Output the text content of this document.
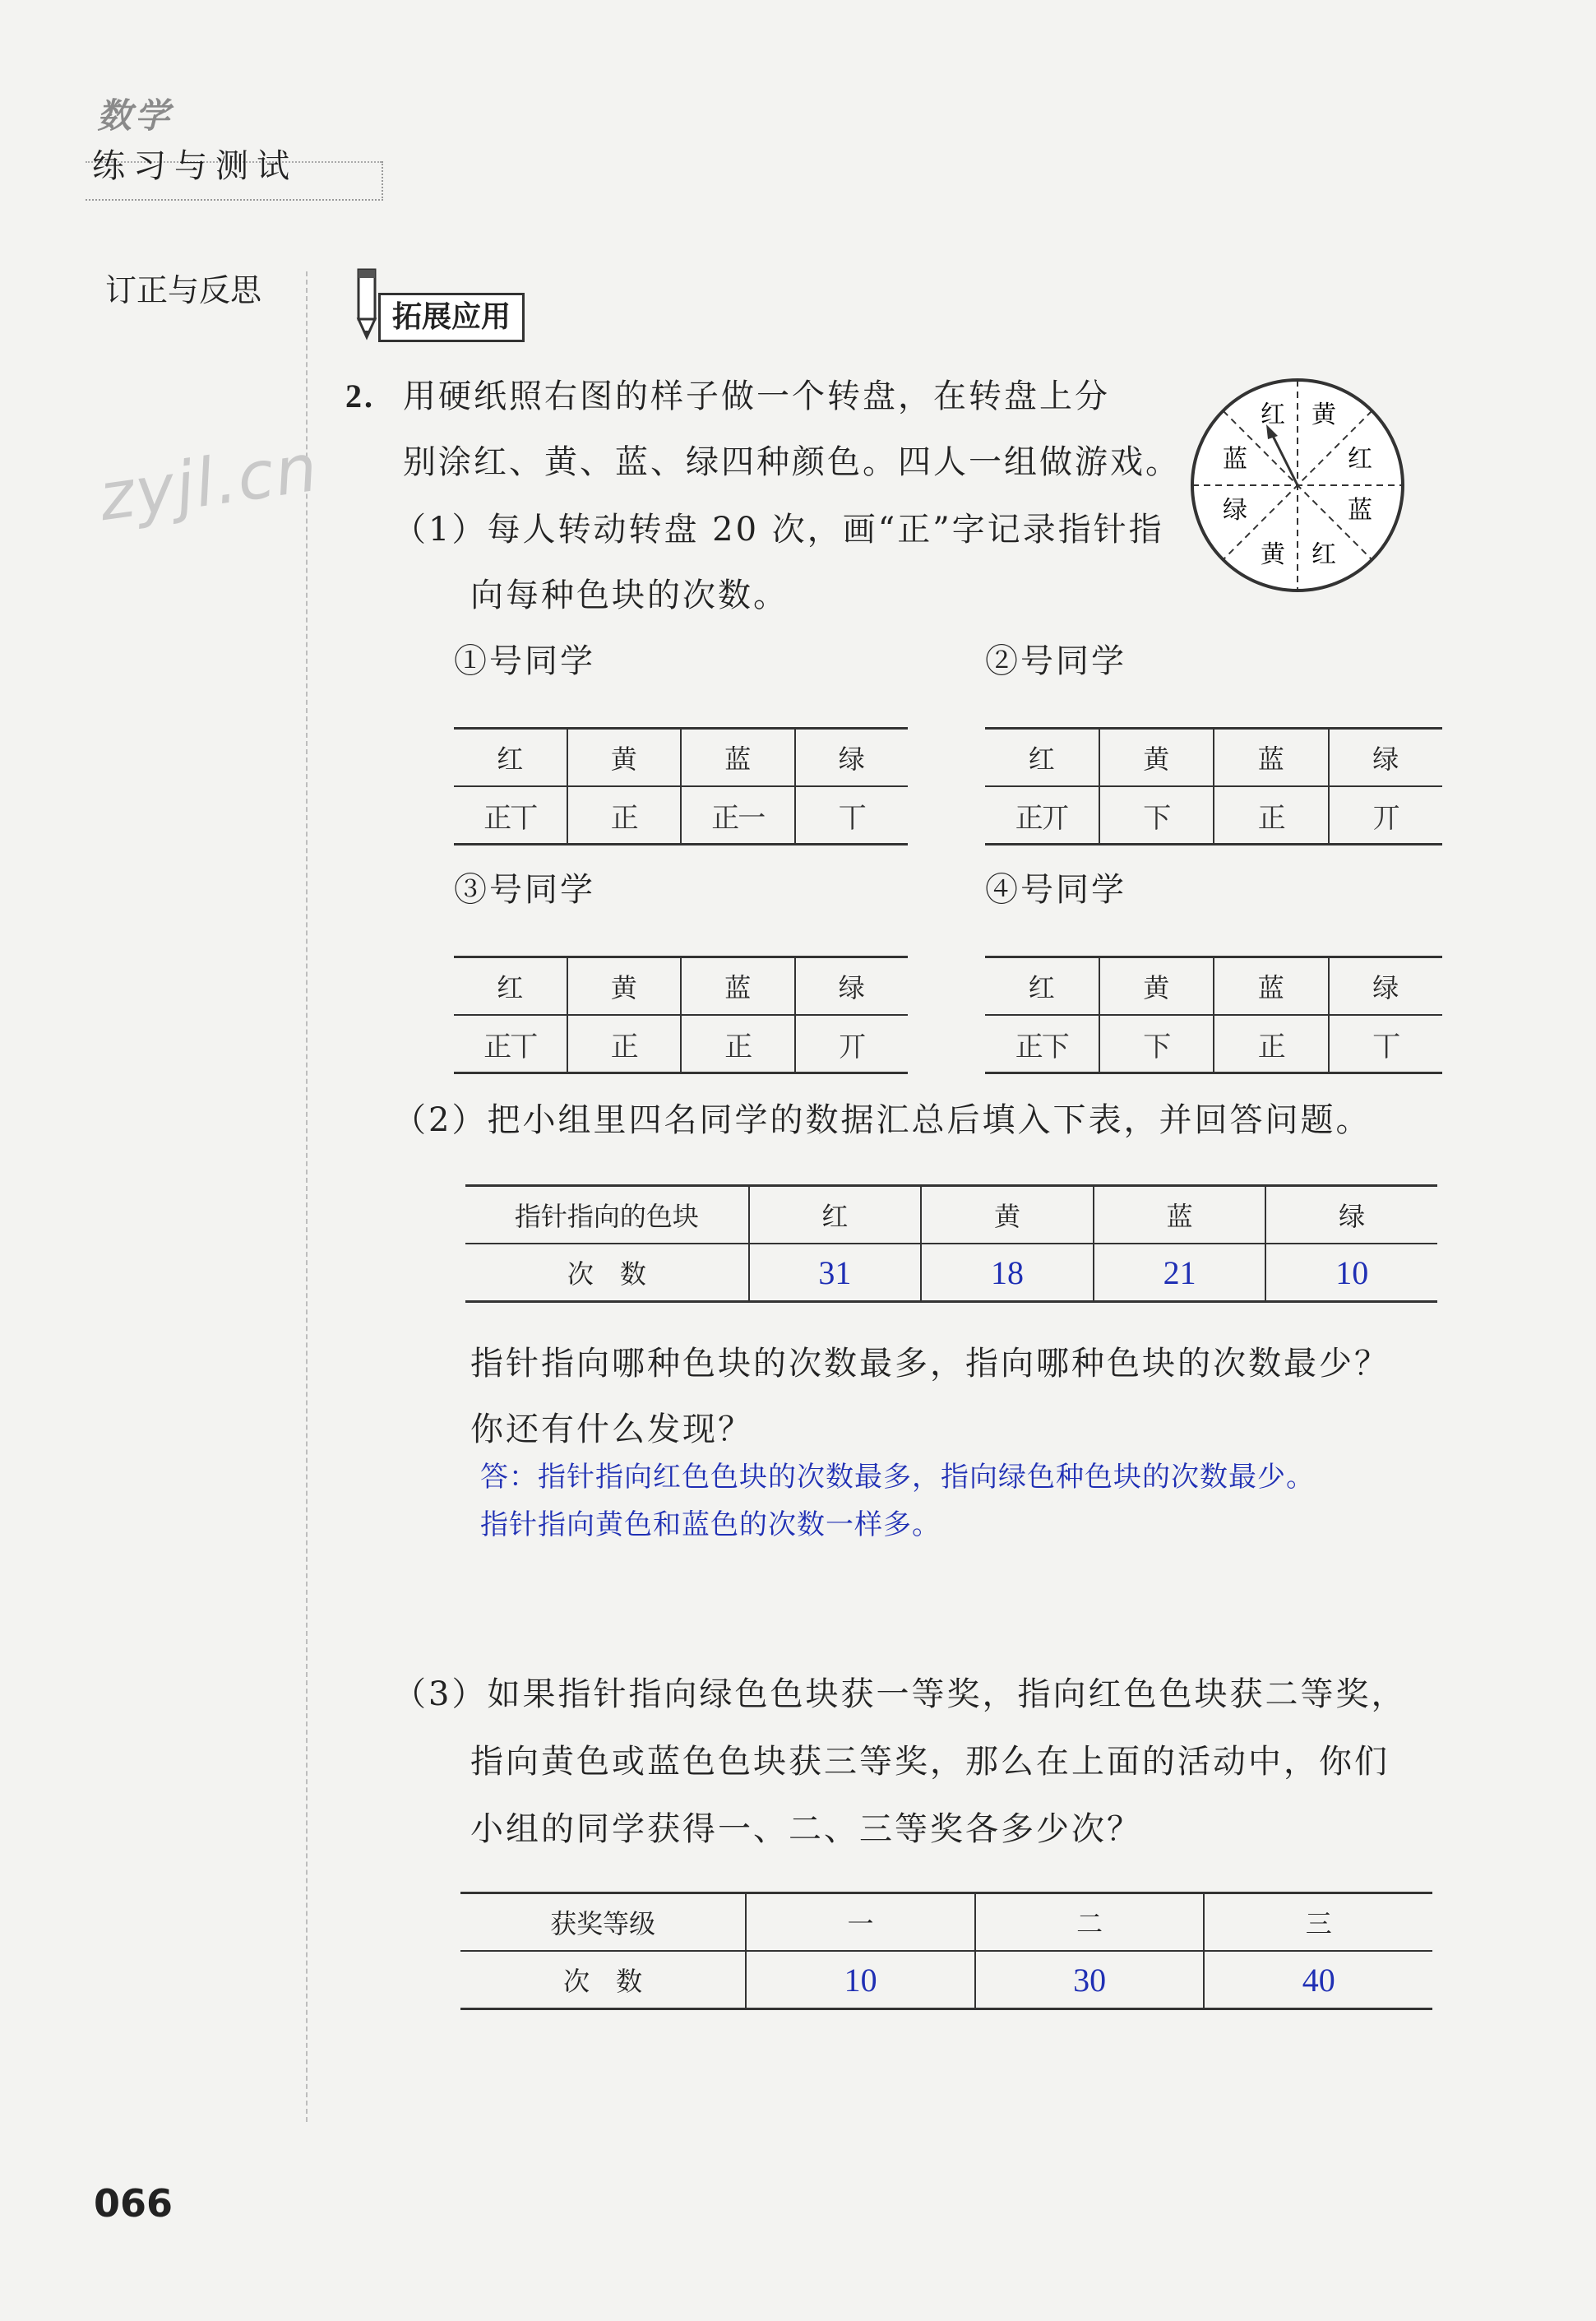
数学
练习与测试
订正与反思
zyjl.cn
拓展应用
2. 用硬纸照右图的样子做一个转盘，在转盘上分
别涂红、黄、蓝、绿四种颜色。四人一组做游戏。
（1）每人转动转盘 20 次，画“正”字记录指针指
向每种色块的次数。
红 黄
红
蓝
红
黄
绿
蓝
①号同学
红	黄	蓝	绿
正丅	正	正一	丅
②号同学
红	黄	蓝	绿
正丌	下	正	丌
③号同学
红	黄	蓝	绿
正丅	正	正	丌
④号同学
红	黄	蓝	绿
正下	下	正	丅
（2）把小组里四名同学的数据汇总后填入下表，并回答问题。
指针指向的色块	红	黄	蓝	绿
次　数	31	18	21	10
指针指向哪种色块的次数最多，指向哪种色块的次数最少？
你还有什么发现？
答：指针指向红色色块的次数最多，指向绿色种色块的次数最少。
指针指向黄色和蓝色的次数一样多。
（3）如果指针指向绿色色块获一等奖，指向红色色块获二等奖，
指向黄色或蓝色色块获三等奖，那么在上面的活动中，你们
小组的同学获得一、二、三等奖各多少次？
获奖等级	一	二	三
次　数	10	30	40
066
